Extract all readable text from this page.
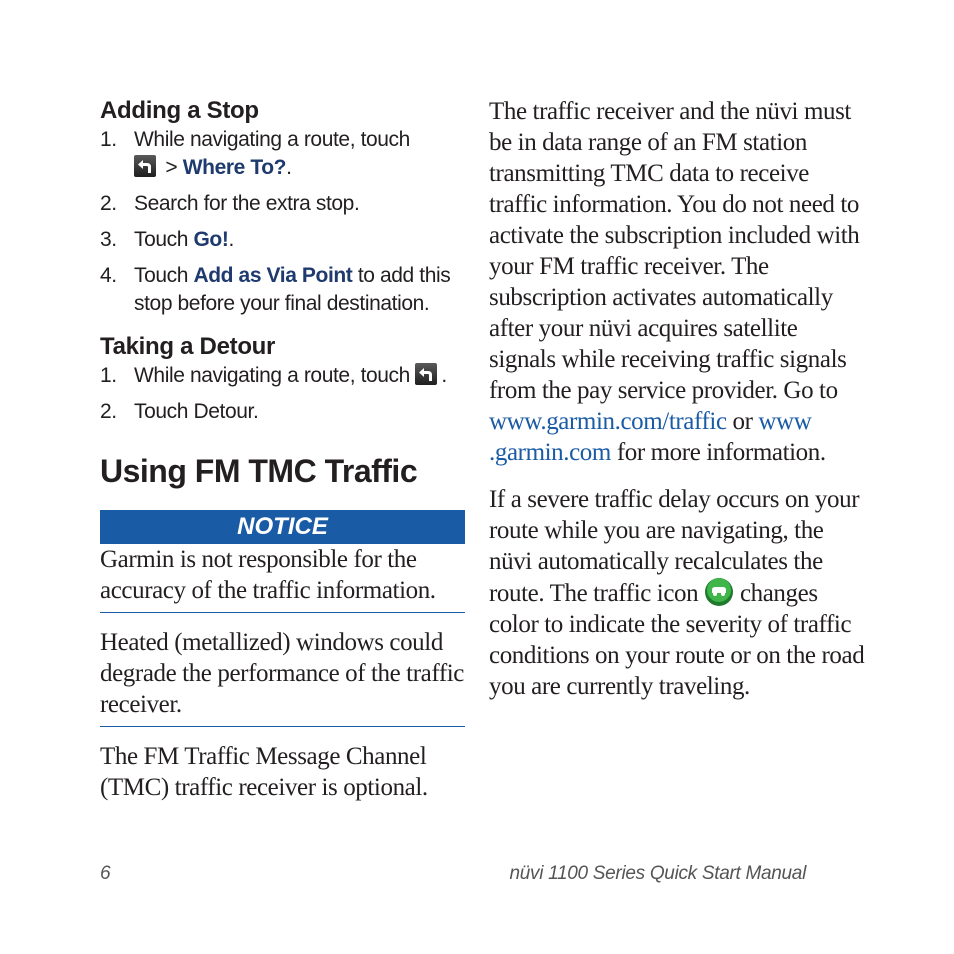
Adding a Stop
1. While navigating a route, touch

> Where To?.
2. Search for the extra stop.
3. Touch Go!.
4. Touch Add as Via Point to add this stop before your final destination.
Taking a Detour
1. While navigating a route, touch
.
2. Touch Detour.
Using FM TMC Traffic
NOTICE

Garmin is not responsible for the accuracy of the traffic information.

Heated (metallized) windows could degrade the performance of the traffic receiver.

The FM Traffic Message Channel (TMC) traffic receiver is optional.

The traffic receiver and the nüvi must be in data range of an FM station transmitting TMC data to receive traffic information. You do not need to activate the subscription included with your FM traffic receiver. The subscription activates automatically after your nüvi acquires satellite signals while receiving traffic signals from the pay service provider. Go to www.garmin.com/traffic or www .garmin.com for more information.

If a severe traffic delay occurs on your route while you are navigating, the nüvi automatically recalculates the route. The traffic icon
changes color to indicate the severity of traffic conditions on your route or on the road you are currently traveling.

6	nüvi 1100 Series Quick Start Manual
